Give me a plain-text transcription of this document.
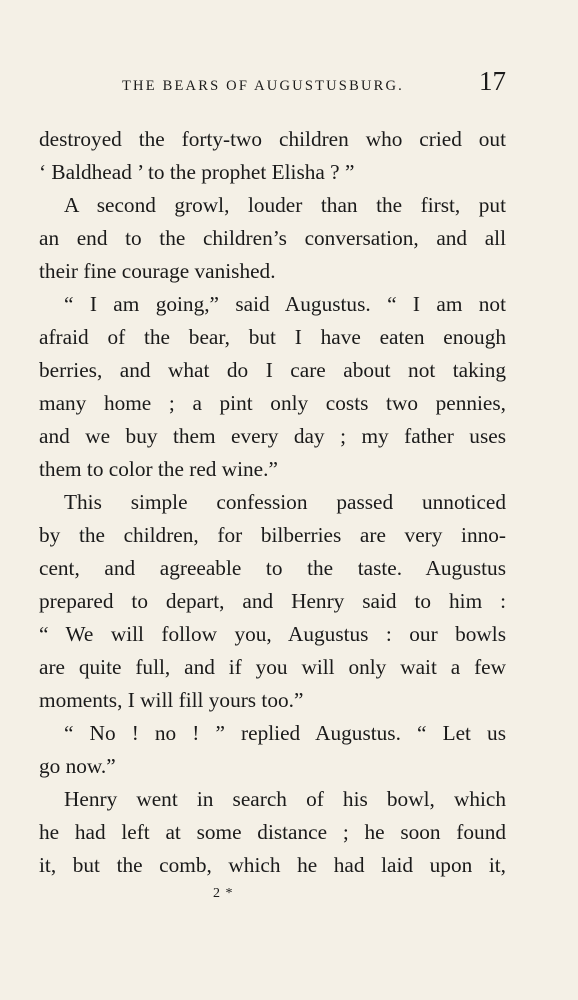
THE BEARS OF AUGUSTUSBURG.	17
destroyed the forty-two children who cried out
‘ Baldhead ’ to the prophet Elisha ? ”
A second growl, louder than the first, put
an end to the children’s conversation, and all
their fine courage vanished.
“ I am going,” said Augustus. “ I am not
afraid of the bear, but I have eaten enough
berries, and what do I care about not taking
many home ; a pint only costs two pennies,
and we buy them every day ; my father uses
them to color the red wine.”
This simple confession passed unnoticed
by the children, for bilberries are very inno-
cent, and agreeable to the taste. Augustus
prepared to depart, and Henry said to him :
“ We will follow you, Augustus : our bowls
are quite full, and if you will only wait a few
moments, I will fill yours too.”
“ No ! no ! ” replied Augustus. “ Let us
go now.”
Henry went in search of his bowl, which
he had left at some distance ; he soon found
it, but the comb, which he had laid upon it,
2 *
